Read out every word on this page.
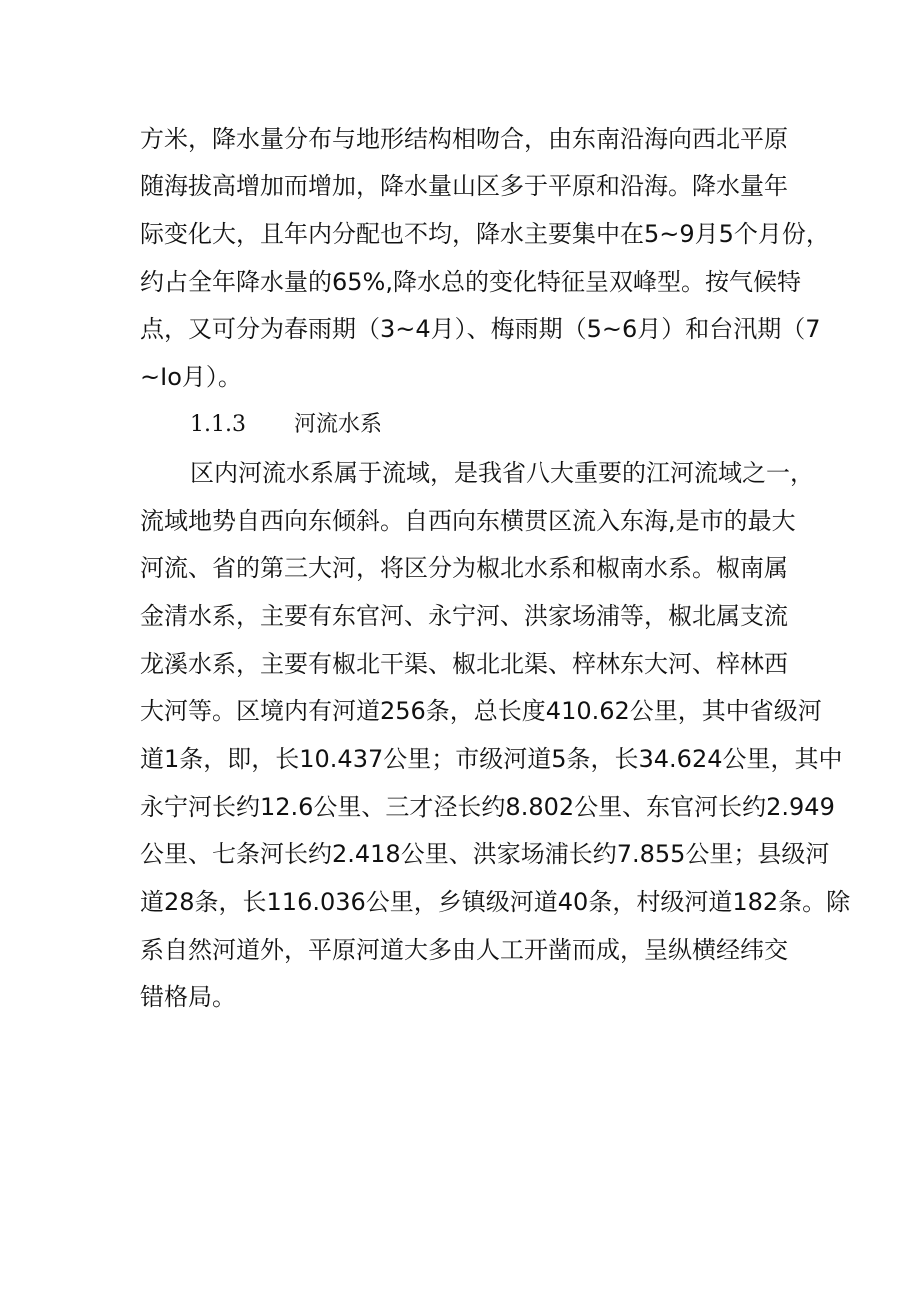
方米，降水量分布与地形结构相吻合，由东南沿海向西北平原
随海拔高增加而增加，降水量山区多于平原和沿海。降水量年
际变化大，且年内分配也不均，降水主要集中在5~9月5个月份，
约占全年降水量的65%,降水总的变化特征呈双峰型。按气候特
点，又可分为春雨期（3~4月）、梅雨期（5~6月）和台汛期（7
~Io月）。
1.1.3 河流水系
区内河流水系属于流域，是我省八大重要的江河流域之一，
流域地势自西向东倾斜。自西向东横贯区流入东海,是市的最大
河流、省的第三大河，将区分为椒北水系和椒南水系。椒南属
金清水系，主要有东官河、永宁河、洪家场浦等，椒北属支流
龙溪水系，主要有椒北干渠、椒北北渠、梓林东大河、梓林西
大河等。区境内有河道256条，总长度410.62公里，其中省级河
道1条，即，长10.437公里；市级河道5条，长34.624公里，其中
永宁河长约12.6公里、三才泾长约8.802公里、东官河长约2.949
公里、七条河长约2.418公里、洪家场浦长约7.855公里；县级河
道28条，长116.036公里，乡镇级河道40条，村级河道182条。除
系自然河道外，平原河道大多由人工开凿而成，呈纵横经纬交
错格局。
